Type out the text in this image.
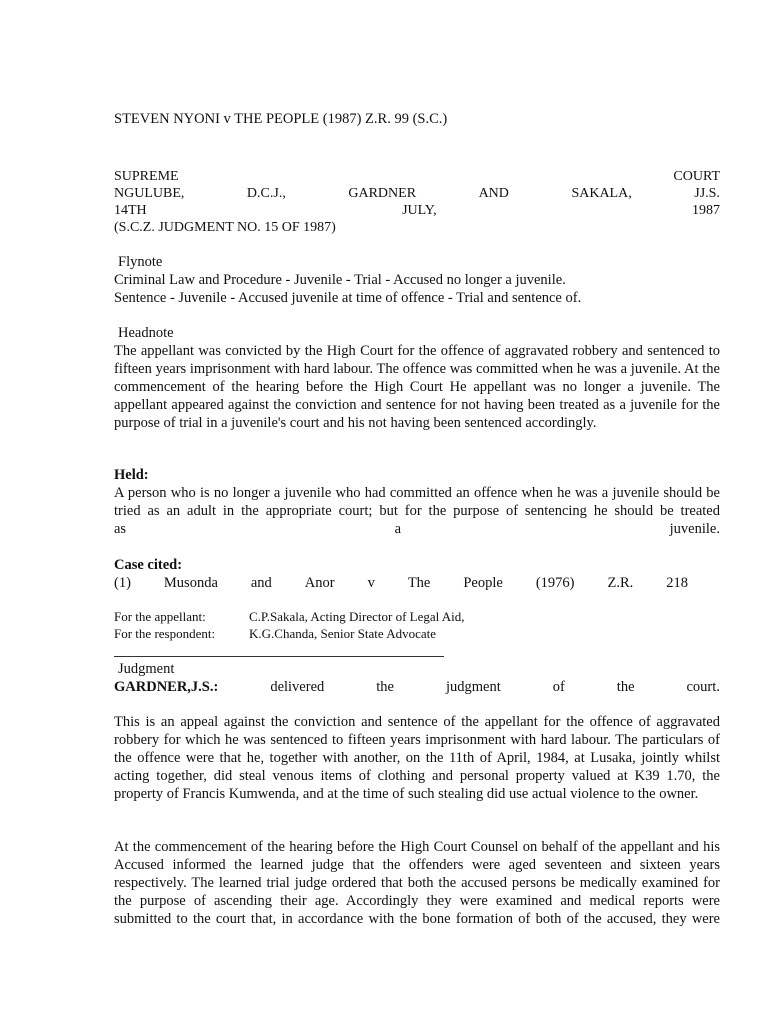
STEVEN NYONI v THE PEOPLE (1987) Z.R. 99 (S.C.)
SUPREME	COURT
NGULUBE,	D.C.J.,	GARDNER	AND	SAKALA,	JJ.S.
14TH	JULY,	1987
(S.C.Z. JUDGMENT NO. 15 OF 1987)
Flynote
Criminal Law and Procedure - Juvenile - Trial - Accused no longer a juvenile.
Sentence - Juvenile - Accused juvenile at time of offence - Trial and sentence of.
Headnote

The appellant was convicted by the High Court for the offence of aggravated robbery and sentenced to fifteen years imprisonment with hard labour. The offence was committed when he was a juvenile. At the commencement of the hearing before the High Court He appellant was no longer a juvenile. The appellant appeared against the conviction and sentence for not having been treated as a juvenile for the purpose of trial in a juvenile's court and his not having been sentenced accordingly.

Held:

A person who is no longer a juvenile who had committed an offence when he was a juvenile should be tried as an adult in the appropriate court; but for the purpose of sentencing he should be treated

as	a	juvenile.
Case cited:
(1) Musonda and Anor v The People (1976) Z.R. 218
For the appellant:	C.P.Sakala, Acting Director of Legal Aid,
For the respondent:	K.G.Chanda, Senior State Advocate
Judgment
GARDNER,J.S.:	delivered	the	judgment	of	the	court.

This is an appeal against the conviction and sentence of the appellant for the offence of aggravated robbery for which he was sentenced to fifteen years imprisonment with hard labour. The particulars of the offence were that he, together with another, on the 11th of April, 1984, at Lusaka, jointly whilst acting together, did steal venous items of clothing and personal property valued at K39 1.70, the property of Francis Kumwenda, and at the time of such stealing did use actual violence to the owner.

At the commencement of the hearing before the High Court Counsel on behalf of the appellant and his Accused informed the learned judge that the offenders were aged seventeen and sixteen years respectively. The learned trial judge ordered that both the accused persons be medically examined for the purpose of ascending their age. Accordingly they were examined and medical reports were submitted to the court that, in accordance with the bone formation of both of the accused, they were
